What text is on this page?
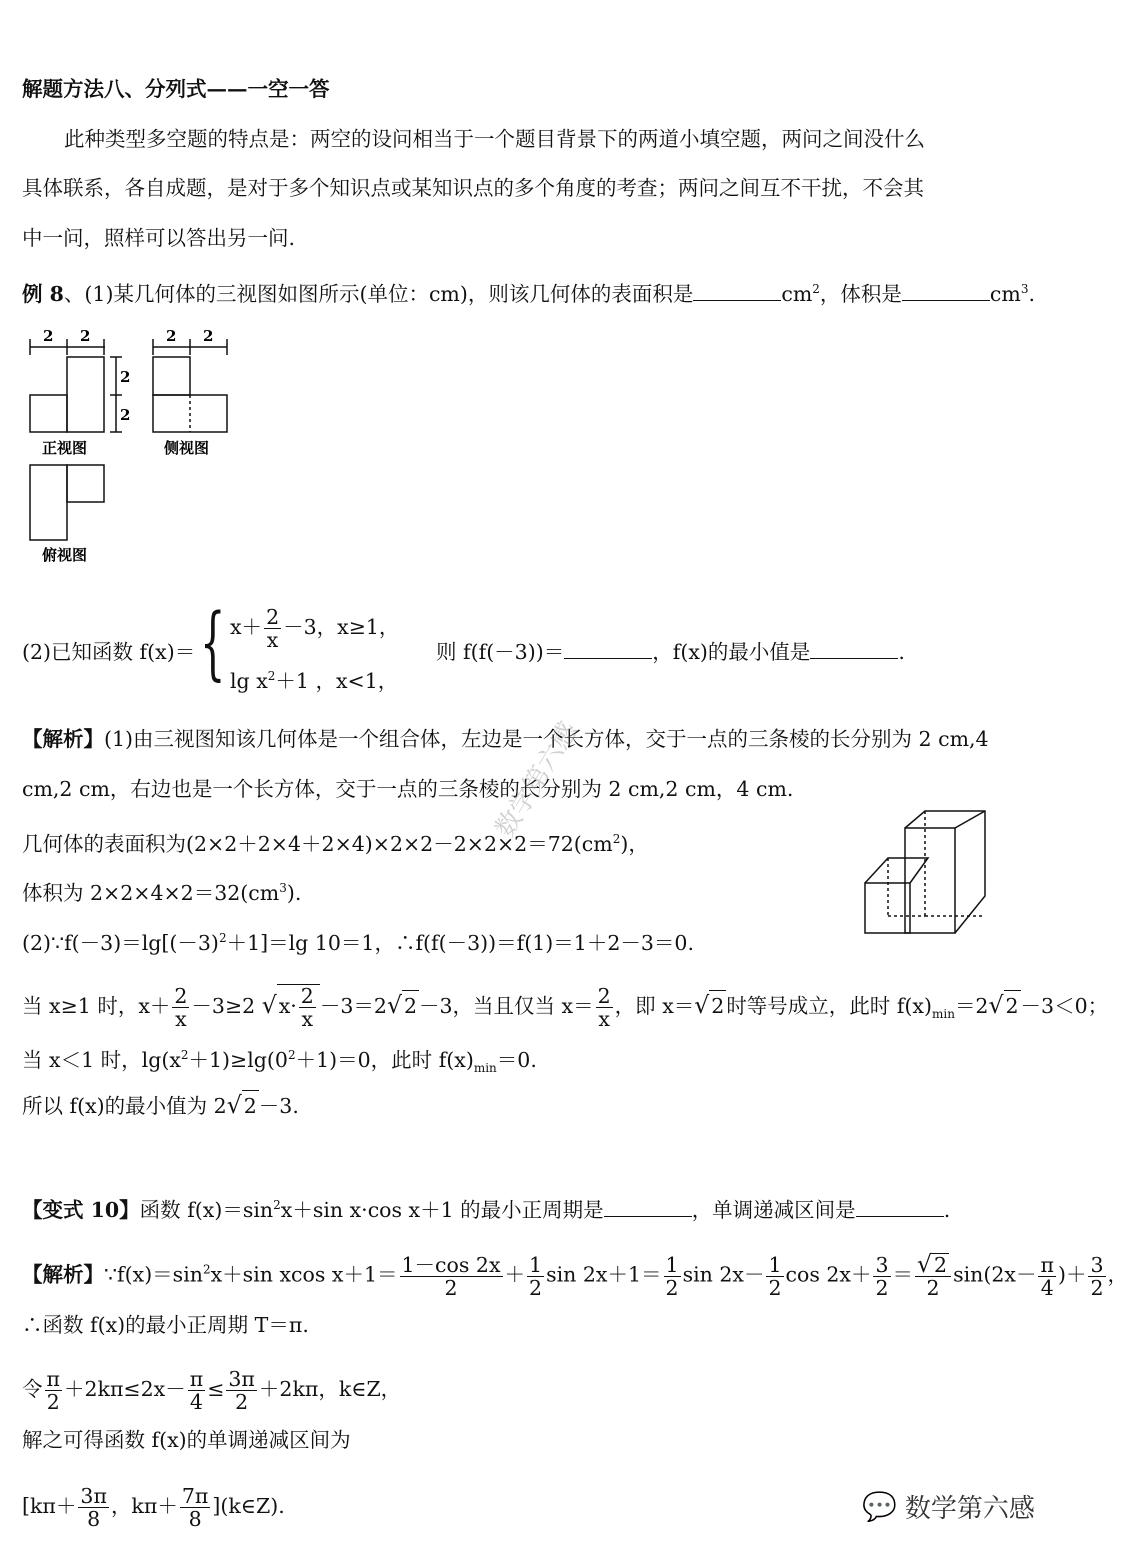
解题方法八、分列式——一空一答
此种类型多空题的特点是：两空的设问相当于一个题目背景下的两道小填空题，两问之间没什么
具体联系，各自成题，是对于多个知识点或某知识点的多个角度的考查；两问之间互不干扰，不会其
中一问，照样可以答出另一问.
例 8、(1)某几何体的三视图如图所示(单位：cm)，则该几何体的表面积是	$cm^2$，体积是	$cm^3$.
【解析】(1)由三视图知该几何体是一个组合体，左边是一个长方体，交于一点的三条棱的长分别为 2 cm,4
cm,2 cm，右边也是一个长方体，交于一点的三条棱的长分别为 2 cm,2 cm，4 cm.
几何体的表面积为$(2\times 2+2\times 4+2\times 4)\times 2\times 2-2\times 2\times 2=72(cm^2)$，
体积为 $2\times 2\times 4\times 2=32(cm^3)$.
$(2)\because f(-3)=\lg[(-3)^2+1]=\lg$ 10＝1，∴f(f(－3))＝f(1)＝1＋2－3＝0.
当 x≥1 时，$x+ \frac{2}{x} -3\ge 2$ $√x\cdot \frac{2}{x} -3=2√2-3$，当且仅当 $x= \frac{2}{x}$ ，即 x＝√2时等号成立，此时 $f(x)_{min}=2√2-3<0$；
当 x＜1 时，$\lg(x^2+1)\ge\lg(0^2+1)=0$，此时 $f(x)_{min}=0$.
所以 f(x)的最小值为 2√2－3.
【变式 10】函数 $f(x)=\sin^2x+\sin$ x·cos x＋1 的最小正周期是	，单调递减区间是	.
【解析】$\because f(x)=\sin^2x+\sin$ xcos $x+1= \frac{1-\cos 2x}{2} + \frac{1}{2}$ $\sin 2x+1= \frac{1}{2}$ $\sin 2x- \frac{1}{2}$ $\cos 2x+ \frac{3}{2} = \frac{√2}{2} \sin(2x- \frac{\pi}{4}$ )＋ $\frac{3}{2}$ ，
∴函数 f(x)的最小正周期 T＝π.
令 $\frac{\pi}{2} +2k\pi\le 2x- \frac{\pi}{4} \le \frac{3\pi}{2} +2k\pi$，k∈Z，
解之可得函数 f(x)的单调递减区间为
[$k\pi+ \frac{3\pi}{8}$ ，$k\pi+ \frac{7\pi}{8}$ ](k∈Z).
(2)已知函数 f(x)＝ { $x+ \frac{2}{x} -3$，x≥1，
$\lg x^2+1$ ，x<1，
则 f(f(－3))＝	，f(x)的最小值是	.
2 2	2 2
2
2
正视图	侧视图
俯视图
数学第六感
💬 数学第六感
